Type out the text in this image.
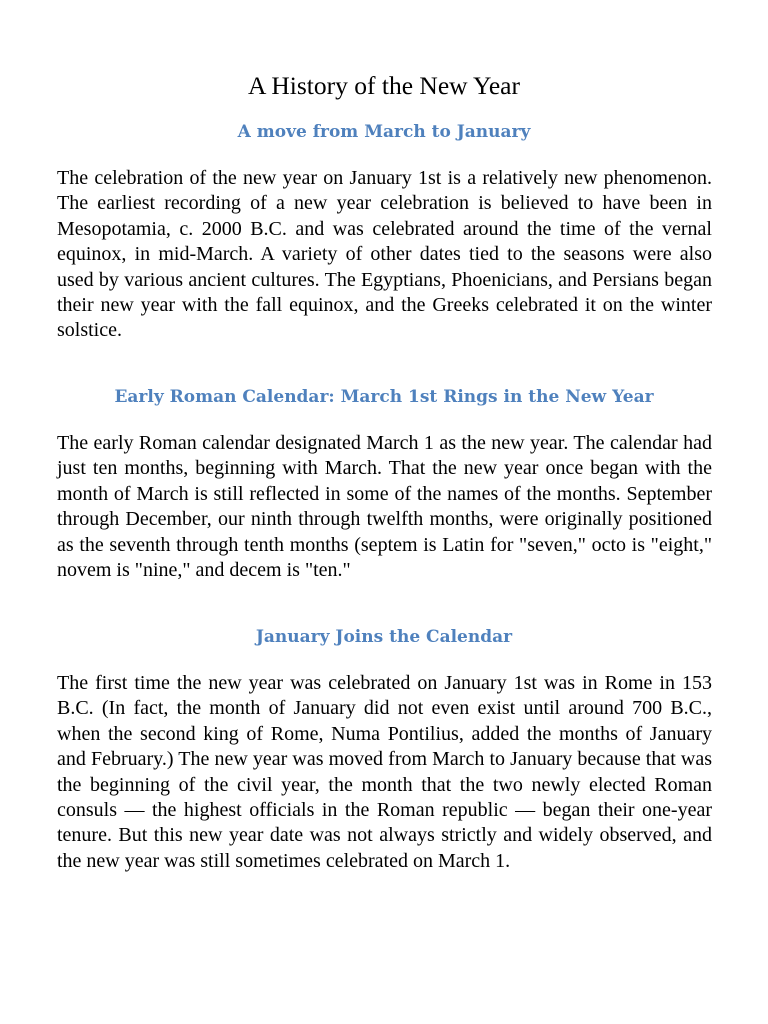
A History of the New Year
A move from March to January

The celebration of the new year on January 1st is a relatively new phenomenon. The earliest recording of a new year celebration is believed to have been in Mesopotamia, c. 2000 B.C. and was celebrated around the time of the vernal equinox, in mid-March. A variety of other dates tied to the seasons were also used by various ancient cultures. The Egyptians, Phoenicians, and Persians began their new year with the fall equinox, and the Greeks celebrated it on the winter solstice.

Early Roman Calendar: March 1st Rings in the New Year

The early Roman calendar designated March 1 as the new year. The calendar had just ten months, beginning with March. That the new year once began with the month of March is still reflected in some of the names of the months. September through December, our ninth through twelfth months, were originally positioned as the seventh through tenth months (septem is Latin for "seven," octo is "eight," novem is "nine," and decem is "ten."

January Joins the Calendar

The first time the new year was celebrated on January 1st was in Rome in 153 B.C. (In fact, the month of January did not even exist until around 700 B.C., when the second king of Rome, Numa Pontilius, added the months of January and February.) The new year was moved from March to January because that was the beginning of the civil year, the month that the two newly elected Roman consuls — the highest officials in the Roman republic — began their one-year tenure. But this new year date was not always strictly and widely observed, and the new year was still sometimes celebrated on March 1.
